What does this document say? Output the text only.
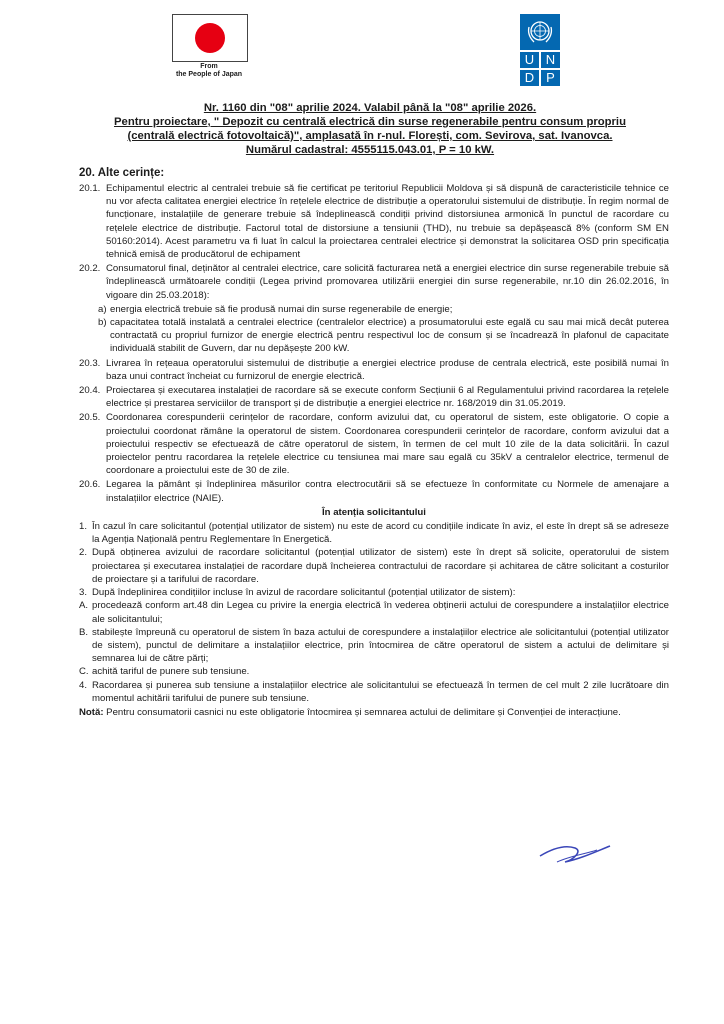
From
the People of Japan
U N
D P
Nr. 1160 din "08" aprilie 2024. Valabil până la "08" aprilie 2026.
Pentru proiectare, " Depozit cu centrală electrică din surse regenerabile pentru consum propriu
(centrală electrică fotovoltaică)", amplasată în r-nul. Florești, com. Sevirova, sat. Ivanovca.
Numărul cadastral: 4555115.043.01, P = 10 kW.
20. Alte cerințe:
20.1. Echipamentul electric al centralei trebuie să fie certificat pe teritoriul Republicii Moldova și să dispună de caracteristicile tehnice ce nu vor afecta calitatea energiei electrice în rețelele electrice de distribuție a operatorului sistemului de distribuție. În regim normal de funcționare, instalațiile de generare trebuie să îndeplinească condiții privind distorsiunea armonică în punctul de racordare cu rețelele electrice de distribuție. Factorul total de distorsiune a tensiunii (THD), nu trebuie sa depășească 8% (conform SM EN 50160:2014). Acest parametru va fi luat în calcul la proiectarea centralei electrice și demonstrat la solicitarea OSD prin specificația tehnică emisă de producătorul de echipament
20.2. Consumatorul final, deținător al centralei electrice, care solicită facturarea netă a energiei electrice din surse regenerabile trebuie să îndeplinească următoarele condiții (Legea privind promovarea utilizării energiei din surse regenerabile, nr.10 din 26.02.2016, în vigoare din 25.03.2018):
a) energia electrică trebuie să fie produsă numai din surse regenerabile de energie;
b) capacitatea totală instalată a centralei electrice (centralelor electrice) a prosumatorului este egală cu sau mai mică decât puterea contractată cu propriul furnizor de energie electrică pentru respectivul loc de consum și se încadrează în plafonul de capacitate individuală stabilit de Guvern, dar nu depășește 200 kW.
20.3. Livrarea în rețeaua operatorului sistemului de distribuție a energiei electrice produse de centrala electrică, este posibilă numai în baza unui contract încheiat cu furnizorul de energie electrică.
20.4. Proiectarea și executarea instalației de racordare să se execute conform Secțiunii 6 al Regulamentului privind racordarea la rețelele electrice și prestarea serviciilor de transport și de distribuție a energiei electrice nr. 168/2019 din 31.05.2019.
20.5. Coordonarea corespunderii cerințelor de racordare, conform avizului dat, cu operatorul de sistem, este obligatorie. O copie a proiectului coordonat rămâne la operatorul de sistem. Coordonarea corespunderii cerințelor de racordare, conform avizului dat a proiectului respectiv se efectuează de către operatorul de sistem, în termen de cel mult 10 zile de la data solicitării. În cazul proiectelor pentru racordarea la rețelele electrice cu tensiunea mai mare sau egală cu 35kV a centralelor electrice, termenul de coordonare a proiectului este de 30 de zile.
20.6. Legarea la pământ și îndeplinirea măsurilor contra electrocutării să se efectueze în conformitate cu Normele de amenajare a instalațiilor electrice (NAIE).
În atenția solicitantului
1. În cazul în care solicitantul (potențial utilizator de sistem) nu este de acord cu condițiile indicate în aviz, el este în drept să se adreseze la Agenția Națională pentru Reglementare în Energetică.
2. După obținerea avizului de racordare solicitantul (potențial utilizator de sistem) este în drept să solicite, operatorului de sistem proiectarea și executarea instalației de racordare după încheierea contractului de racordare și achitarea de către solicitant a costurilor de proiectare și a tarifului de racordare.
3. După îndeplinirea condițiilor incluse în avizul de racordare solicitantul (potențial utilizator de sistem):
A. procedează conform art.48 din Legea cu privire la energia electrică în vederea obținerii actului de corespundere a instalațiilor electrice ale solicitantului;
B. stabilește împreună cu operatorul de sistem în baza actului de corespundere a instalațiilor electrice ale solicitantului (potențial utilizator de sistem), punctul de delimitare a instalațiilor electrice, prin întocmirea de către operatorul de sistem a actului de delimitare și semnarea lui de către părți;
C. achită tariful de punere sub tensiune.
4. Racordarea și punerea sub tensiune a instalațiilor electrice ale solicitantului se efectuează în termen de cel mult 2 zile lucrătoare din momentul achitării tarifului de punere sub tensiune.
Notă: Pentru consumatorii casnici nu este obligatorie întocmirea și semnarea actului de delimitare și Convenției de interacțiune.
